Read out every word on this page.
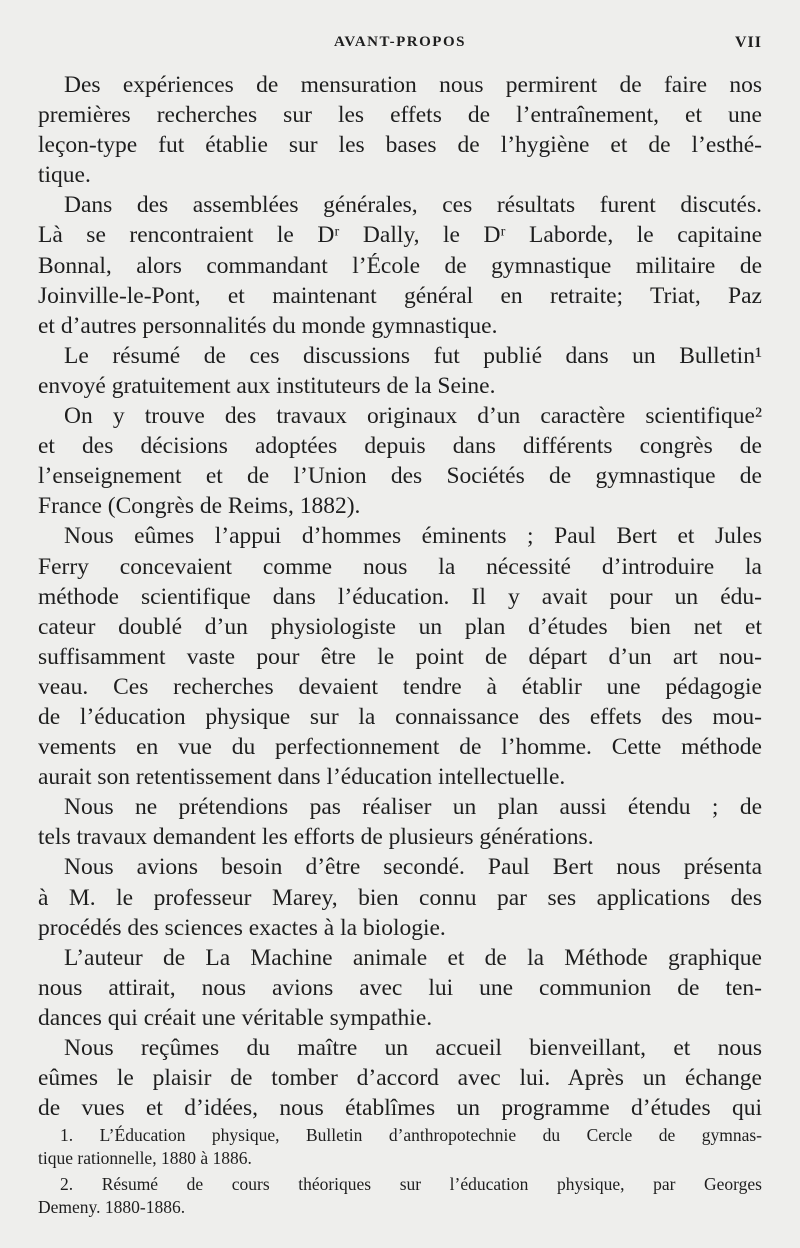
AVANT-PROPOS	VII
Des expériences de mensuration nous permirent de faire nos
premières recherches sur les effets de l’entraînement, et une
leçon-type fut établie sur les bases de l’hygiène et de l’esthé-
tique.
Dans des assemblées générales, ces résultats furent discutés.
Là se rencontraient le Dʳ Dally, le Dʳ Laborde, le capitaine
Bonnal, alors commandant l’École de gymnastique militaire de
Joinville-le-Pont, et maintenant général en retraite; Triat, Paz
et d’autres personnalités du monde gymnastique.
Le résumé de ces discussions fut publié dans un Bulletin¹
envoyé gratuitement aux instituteurs de la Seine.
On y trouve des travaux originaux d’un caractère scientifique²
et des décisions adoptées depuis dans différents congrès de
l’enseignement et de l’Union des Sociétés de gymnastique de
France (Congrès de Reims, 1882).
Nous eûmes l’appui d’hommes éminents ; Paul Bert et Jules
Ferry concevaient comme nous la nécessité d’introduire la
méthode scientifique dans l’éducation. Il y avait pour un édu-
cateur doublé d’un physiologiste un plan d’études bien net et
suffisamment vaste pour être le point de départ d’un art nou-
veau. Ces recherches devaient tendre à établir une pédagogie
de l’éducation physique sur la connaissance des effets des mou-
vements en vue du perfectionnement de l’homme. Cette méthode
aurait son retentissement dans l’éducation intellectuelle.
Nous ne prétendions pas réaliser un plan aussi étendu ; de
tels travaux demandent les efforts de plusieurs générations.
Nous avions besoin d’être secondé. Paul Bert nous présenta
à M. le professeur Marey, bien connu par ses applications des
procédés des sciences exactes à la biologie.
L’auteur de La Machine animale et de la Méthode graphique
nous attirait, nous avions avec lui une communion de ten-
dances qui créait une véritable sympathie.
Nous reçûmes du maître un accueil bienveillant, et nous
eûmes le plaisir de tomber d’accord avec lui. Après un échange
de vues et d’idées, nous établîmes un programme d’études qui
1. L’Éducation physique, Bulletin d’anthropotechnie du Cercle de gymnas-
tique rationnelle, 1880 à 1886.
2. Résumé de cours théoriques sur l’éducation physique, par Georges
Demeny. 1880-1886.
